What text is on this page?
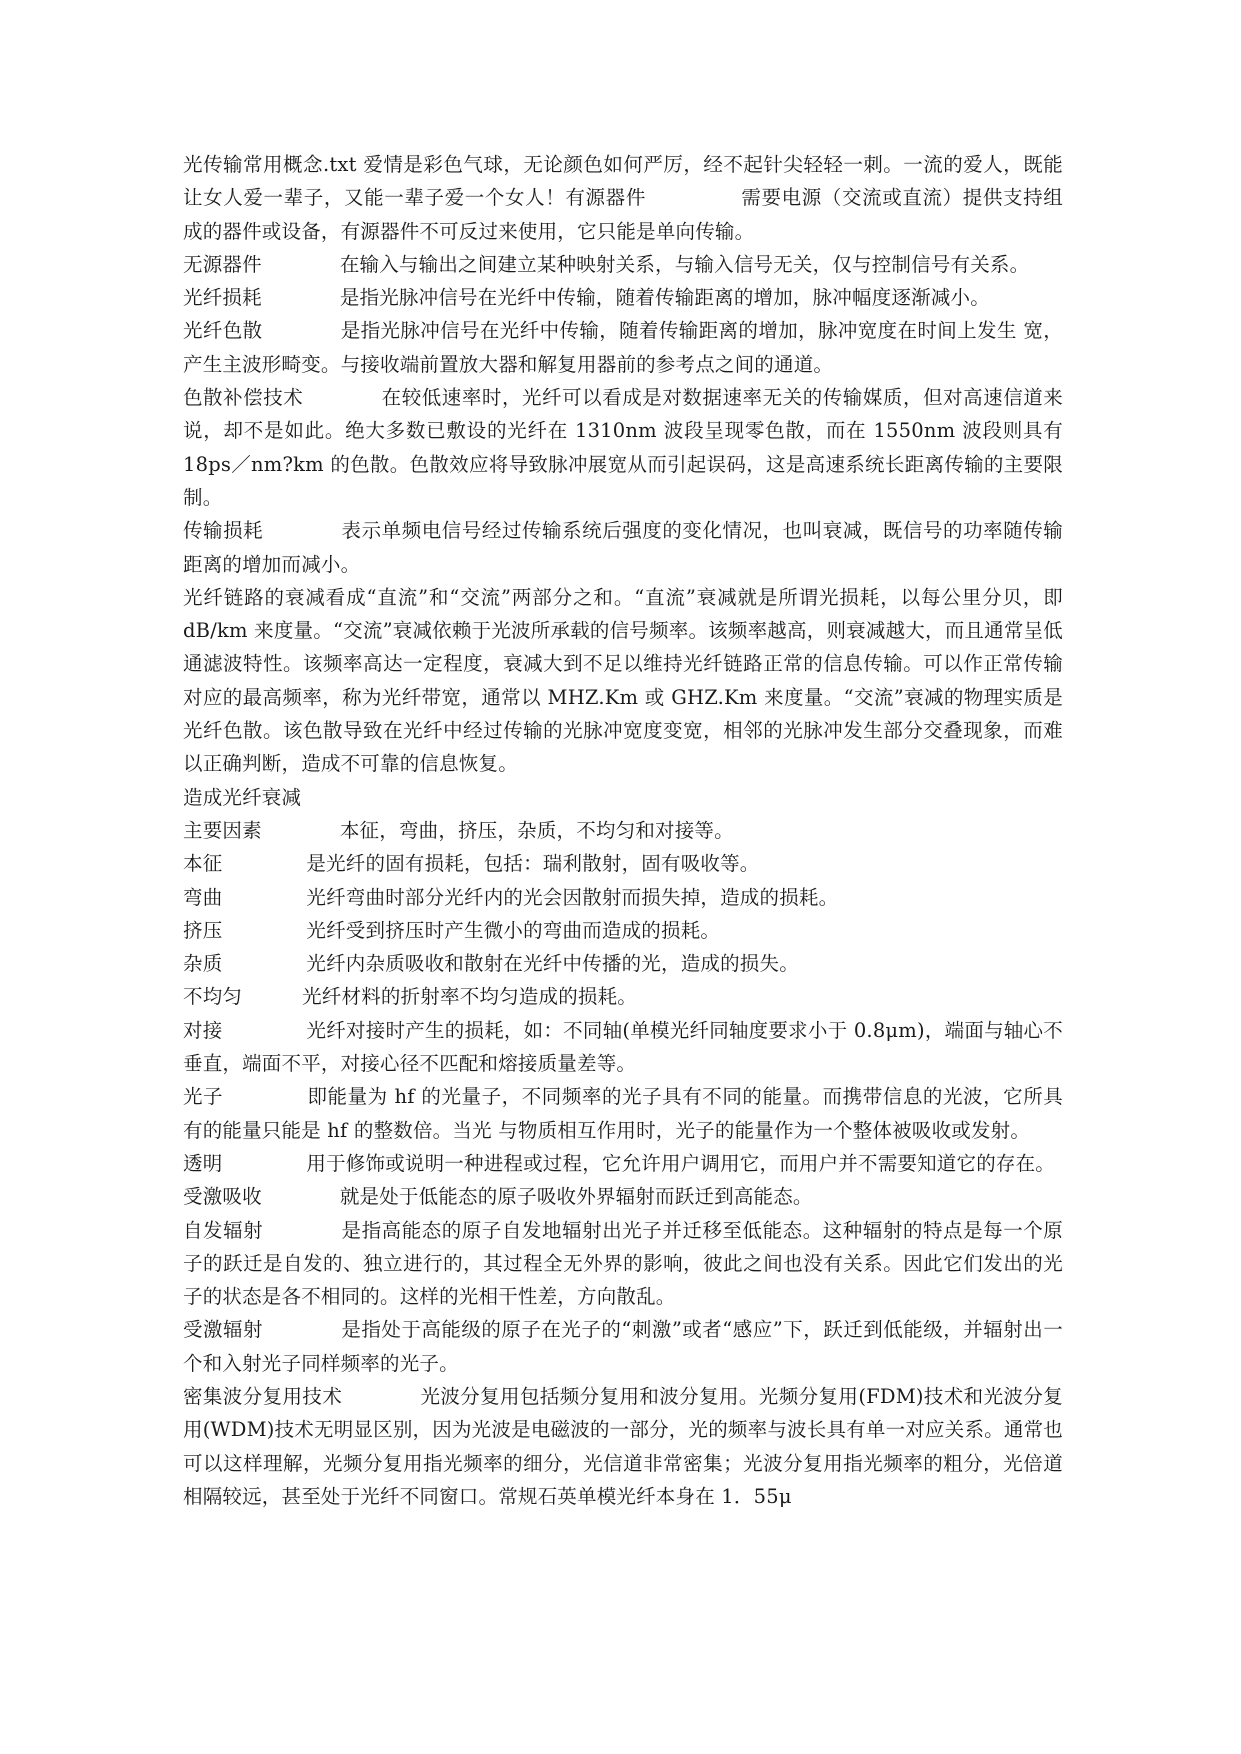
光传输常用概念.txt 爱情是彩色气球，无论颜色如何严厉，经不起针尖轻轻一刺。一流的爱人，既能让女人爱一辈子，又能一辈子爱一个女人！有源器件	需要电源（交流或直流）提供支持组成的器件或设备，有源器件不可反过来使用，它只能是单向传输。

无源器件	在输入与输出之间建立某种映射关系，与输入信号无关，仅与控制信号有关系。

光纤损耗	是指光脉冲信号在光纤中传输，随着传输距离的增加，脉冲幅度逐渐减小。

光纤色散	是指光脉冲信号在光纤中传输，随着传输距离的增加，脉冲宽度在时间上发生 宽，产生主波形畸变。与接收端前置放大器和解复用器前的参考点之间的通道。

色散补偿技术	在较低速率时，光纤可以看成是对数据速率无关的传输媒质，但对高速信道来说，却不是如此。绝大多数已敷设的光纤在 1310nm 波段呈现零色散，而在 1550nm 波段则具有 18ps／nm?km 的色散。色散效应将导致脉冲展宽从而引起误码，这是高速系统长距离传输的主要限制。

传输损耗	表示单频电信号经过传输系统后强度的变化情况，也叫衰减，既信号的功率随传输距离的增加而减小。

光纤链路的衰减看成“直流”和“交流”两部分之和。“直流”衰减就是所谓光损耗，以每公里分贝，即 dB/km 来度量。“交流”衰减依赖于光波所承载的信号频率。该频率越高，则衰减越大，而且通常呈低通滤波特性。该频率高达一定程度，衰减大到不足以维持光纤链路正常的信息传输。可以作正常传输对应的最高频率，称为光纤带宽，通常以 MHZ.Km 或 GHZ.Km 来度量。“交流”衰减的物理实质是光纤色散。该色散导致在光纤中经过传输的光脉冲宽度变宽，相邻的光脉冲发生部分交叠现象，而难以正确判断，造成不可靠的信息恢复。

造成光纤衰减

主要因素	本征，弯曲，挤压，杂质，不均匀和对接等。

本征	是光纤的固有损耗，包括：瑞利散射，固有吸收等。

弯曲	光纤弯曲时部分光纤内的光会因散射而损失掉，造成的损耗。

挤压	光纤受到挤压时产生微小的弯曲而造成的损耗。

杂质	光纤内杂质吸收和散射在光纤中传播的光，造成的损失。

不均匀	光纤材料的折射率不均匀造成的损耗。

对接	光纤对接时产生的损耗，如：不同轴(单模光纤同轴度要求小于 0.8μm)，端面与轴心不垂直，端面不平，对接心径不匹配和熔接质量差等。

光子	即能量为 hf 的光量子，不同频率的光子具有不同的能量。而携带信息的光波，它所具有的能量只能是 hf 的整数倍。当光 与物质相互作用时，光子的能量作为一个整体被吸收或发射。

透明	用于修饰或说明一种进程或过程，它允许用户调用它，而用户并不需要知道它的存在。

受激吸收	就是处于低能态的原子吸收外界辐射而跃迁到高能态。

自发辐射	是指高能态的原子自发地辐射出光子并迁移至低能态。这种辐射的特点是每一个原子的跃迁是自发的、独立进行的，其过程全无外界的影响，彼此之间也没有关系。因此它们发出的光子的状态是各不相同的。这样的光相干性差，方向散乱。

受激辐射	是指处于高能级的原子在光子的“刺激”或者“感应”下，跃迁到低能级，并辐射出一个和入射光子同样频率的光子。

密集波分复用技术	光波分复用包括频分复用和波分复用。光频分复用(FDM)技术和光波分复用(WDM)技术无明显区别，因为光波是电磁波的一部分，光的频率与波长具有单一对应关系。通常也可以这样理解，光频分复用指光频率的细分，光信道非常密集；光波分复用指光频率的粗分，光倍道相隔较远，甚至处于光纤不同窗口。常规石英单模光纤本身在 1．55μ
